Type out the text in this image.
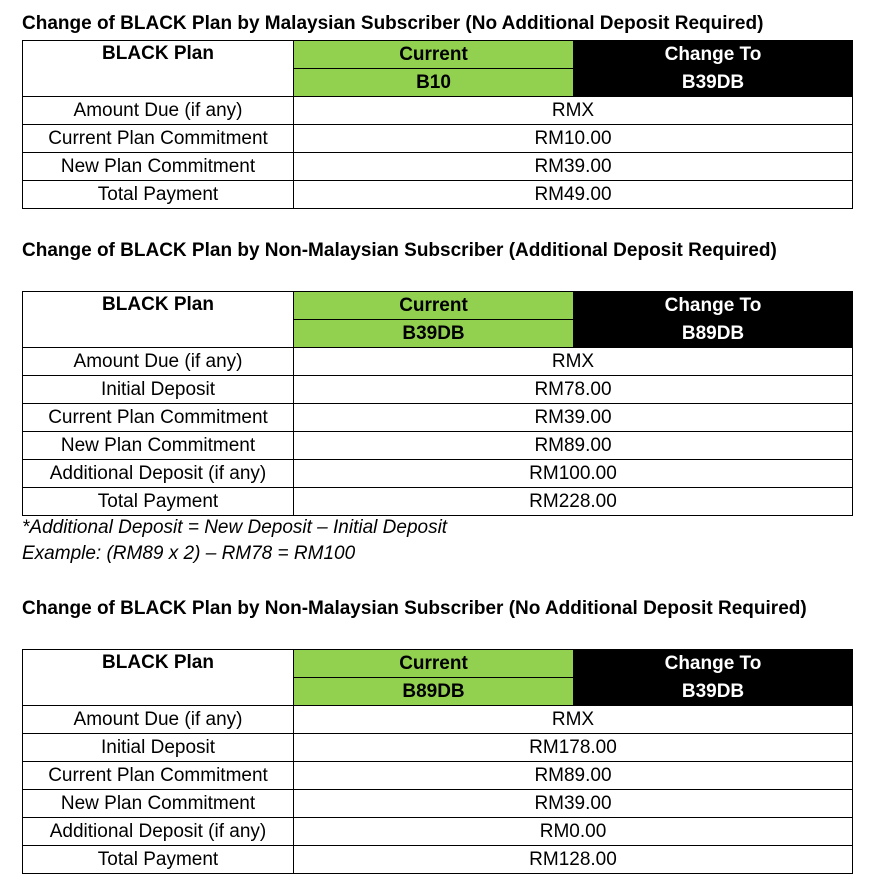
Change of BLACK Plan by Malaysian Subscriber (No Additional Deposit Required)
BLACK Plan	Current	Change To
	B10	B39DB
Amount Due (if any)	RMX	
Current Plan Commitment	RM10.00	
New Plan Commitment	RM39.00	
Total Payment	RM49.00	
Change of BLACK Plan by Non-Malaysian Subscriber (Additional Deposit Required)
BLACK Plan	Current	Change To
	B39DB	B89DB
Amount Due (if any)	RMX	
Initial Deposit	RM78.00	
Current Plan Commitment	RM39.00	
New Plan Commitment	RM89.00	
Additional Deposit (if any)	RM100.00	
Total Payment	RM228.00	
*Additional Deposit = New Deposit – Initial Deposit
Example: (RM89 x 2) – RM78 = RM100
Change of BLACK Plan by Non-Malaysian Subscriber (No Additional Deposit Required)
BLACK Plan	Current	Change To
	B89DB	B39DB
Amount Due (if any)	RMX	
Initial Deposit	RM178.00	
Current Plan Commitment	RM89.00	
New Plan Commitment	RM39.00	
Additional Deposit (if any)	RM0.00	
Total Payment	RM128.00	
